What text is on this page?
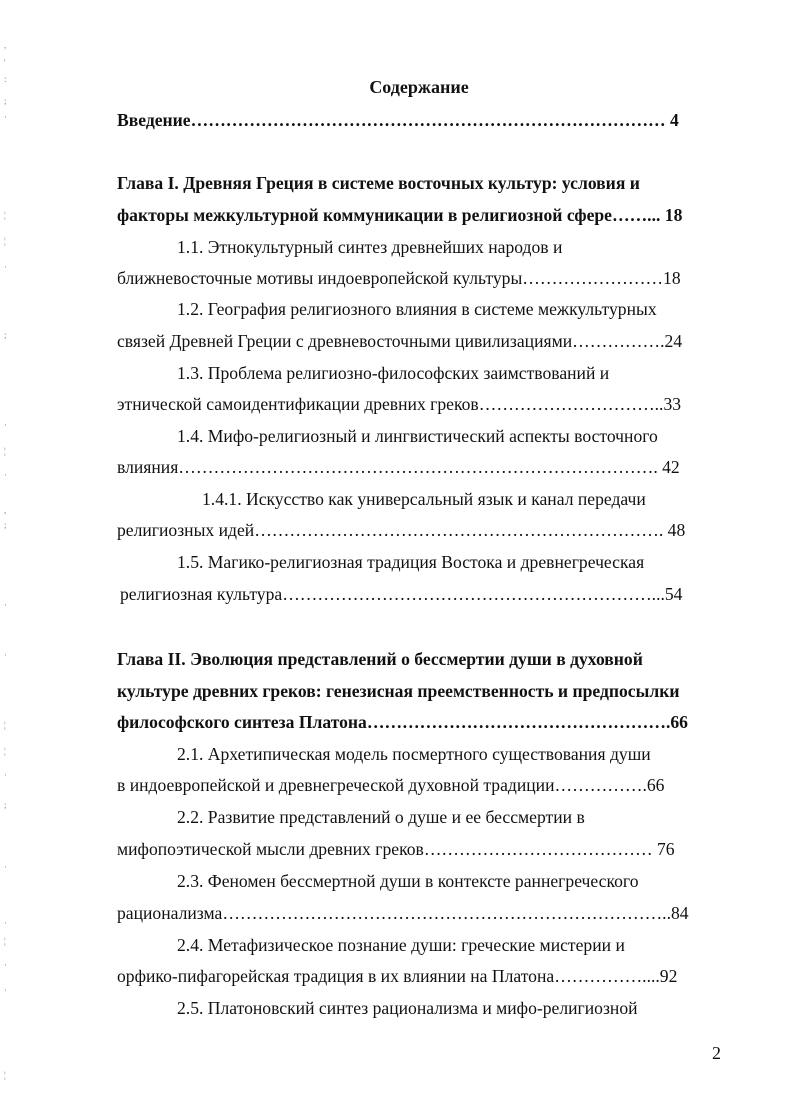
,
'
:
;
·
¦
¦
·
;
·
¦
·
,
;
·
·
¦
¦
·
;
·
·
¦
·
·
¦
Содержание
Введение……………………………………………………………………… 4
Глава I. Древняя Греция в системе восточных культур: условия и
факторы межкультурной коммуникации в религиозной сфере……... 18
1.1. Этнокультурный синтез древнейших народов и
ближневосточные мотивы индоевропейской культуры……………………18
1.2. География религиозного влияния в системе межкультурных
связей Древней Греции с древневосточными цивилизациями…………….24
1.3. Проблема религиозно-философских заимствований и
этнической самоидентификации древних греков…………………………..33
1.4. Мифо-религиозный и лингвистический аспекты восточного
влияния………………………………………………………………………. 42
1.4.1. Искусство как универсальный язык и канал передачи
религиозных идей……………………………………………………………. 48
1.5. Магико-религиозная традиция Востока и древнегреческая
религиозная культура………………………………………………………...54
Глава II. Эволюция представлений о бессмертии души в духовной
культуре древних греков: генезисная преемственность и предпосылки
философского синтеза Платона…………………………………………….66
2.1. Архетипическая модель посмертного существования души
в индоевропейской и древнегреческой духовной традиции…………….66
2.2. Развитие представлений о душе и ее бессмертии в
мифопоэтической мысли древних греков………………………………… 76
2.3. Феномен бессмертной души в контексте раннегреческого
рационализма…………………………………………………………………..84
2.4. Метафизическое познание души: греческие мистерии и
орфико-пифагорейская традиция в их влиянии на Платона……………....92
2.5. Платоновский синтез рационализма и мифо-религиозной
2
